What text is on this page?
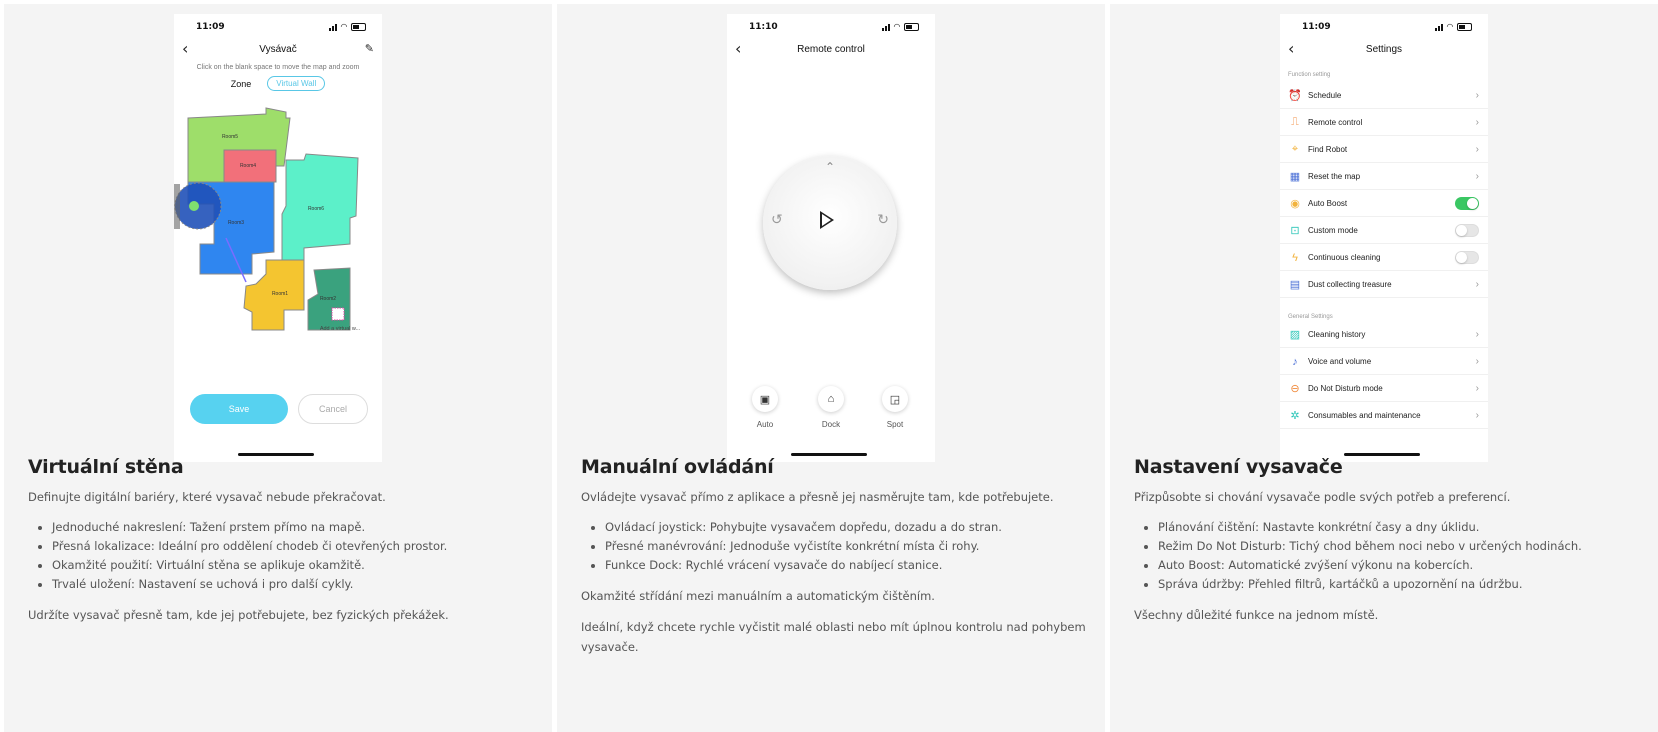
11:09	◠
‹	Vysávač	✎
Click on the blank space to move the map and zoom
Zone	Virtual Wall
Room5
Room4
Room3
Room6
Room1
Room2
Add a virtual w...
Save	Cancel
Virtuální stěna

Definujte digitální bariéry, které vysavač nebude překračovat.

• Jednoduché nakreslení: Tažení prstem přímo na mapě.
• Přesná lokalizace: Ideální pro oddělení chodeb či otevřených prostor.
• Okamžité použití: Virtuální stěna se aplikuje okamžitě.
• Trvalé uložení: Nastavení se uchová i pro další cykly.

Udržíte vysavač přesně tam, kde jej potřebujete, bez fyzických překážek.

11:10	◠
‹	Remote control
⌃
↺	↻
▣
Auto
⌂
Dock
◲
Spot
Manuální ovládání

Ovládejte vysavač přímo z aplikace a přesně jej nasměrujte tam, kde potřebujete.

• Ovládací joystick: Pohybujte vysavačem dopředu, dozadu a do stran.
• Přesné manévrování: Jednoduše vyčistíte konkrétní místa či rohy.
• Funkce Dock: Rychlé vrácení vysavače do nabíjecí stanice.

Okamžité střídání mezi manuálním a automatickým čištěním.

Ideální, když chcete rychle vyčistit malé oblasti nebo mít úplnou kontrolu nad pohybem vysavače.

11:09	◠
‹	Settings
Function setting
⏰ Schedule	›
⎍	Remote control	›
⌖	Find Robot	›
▦ Reset the map	›
◉ Auto Boost
⊡ Custom mode
ϟ	Continuous cleaning
▤ Dust collecting treasure	›
General Settings
▨ Cleaning history	›
♪	Voice and volume	›
⊖ Do Not Disturb mode	›
✲ Consumables and maintenance	›
Nastavení vysavače

Přizpůsobte si chování vysavače podle svých potřeb a preferencí.

• Plánování čištění: Nastavte konkrétní časy a dny úklidu.
• Režim Do Not Disturb: Tichý chod během noci nebo v určených hodinách.
• Auto Boost: Automatické zvýšení výkonu na kobercích.
• Správa údržby: Přehled filtrů, kartáčků a upozornění na údržbu.

Všechny důležité funkce na jednom místě.
